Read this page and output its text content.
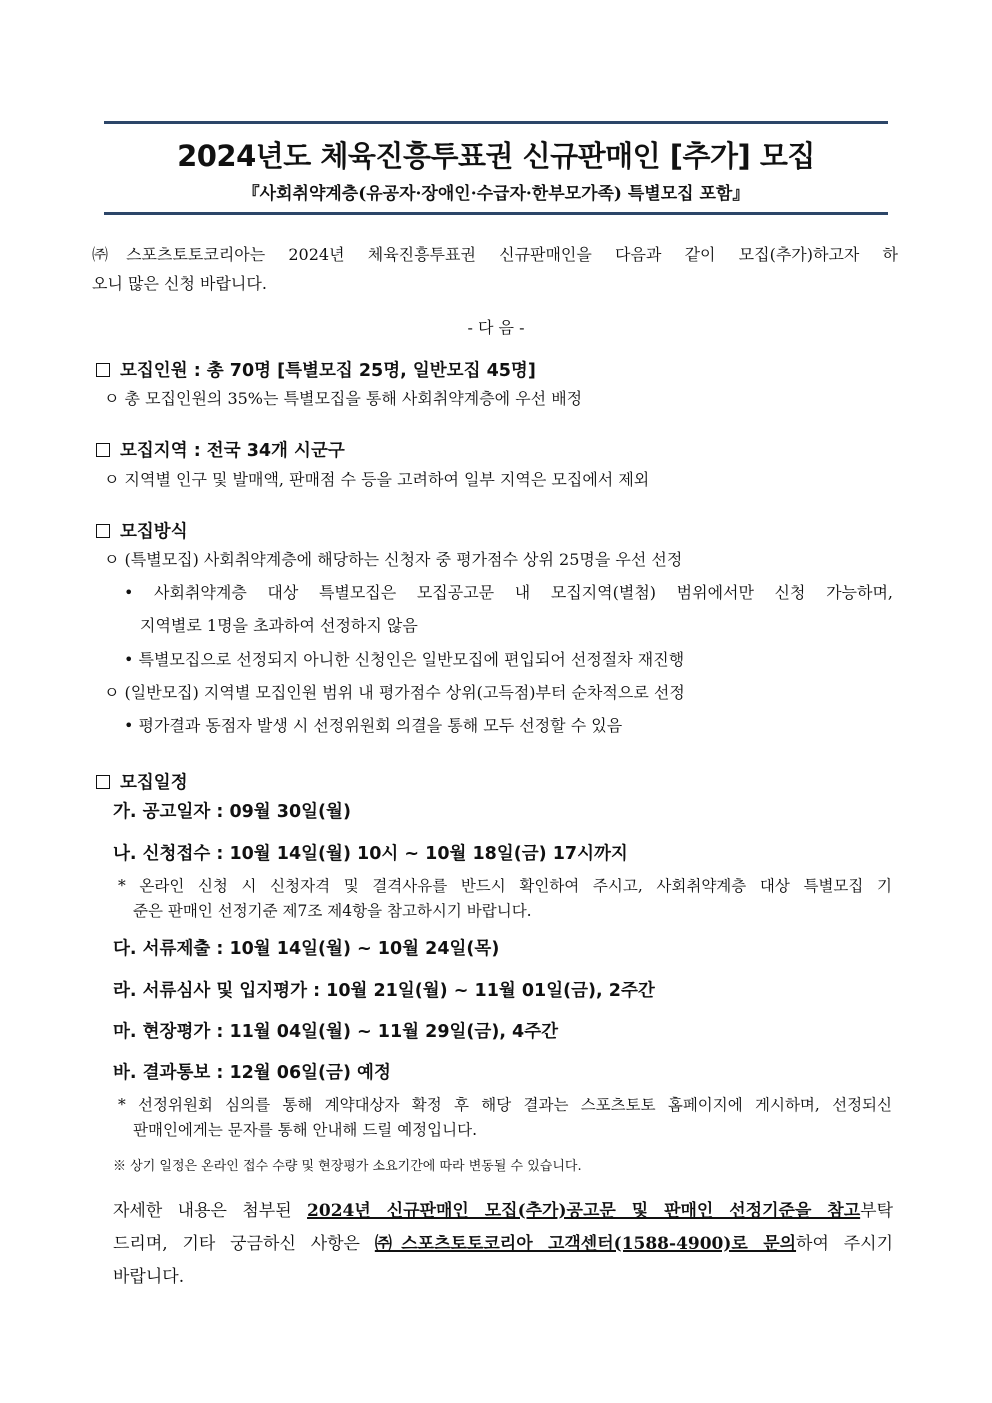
2024년도 체육진흥투표권 신규판매인 [추가] 모집
『사회취약계층(유공자·장애인·수급자·한부모가족) 특별모집 포함』
㈜스포츠토토코리아는 2024년 체육진흥투표권 신규판매인을 다음과 같이 모집(추가)하고자 하
오니 많은 신청 바랍니다.
- 다 음 -
모집인원 : 총 70명 [특별모집 25명, 일반모집 45명]
ㅇ 총 모집인원의 35%는 특별모집을 통해 사회취약계층에 우선 배정
모집지역 : 전국 34개 시군구
ㅇ 지역별 인구 및 발매액, 판매점 수 등을 고려하여 일부 지역은 모집에서 제외
모집방식
ㅇ (특별모집) 사회취약계층에 해당하는 신청자 중 평가점수 상위 25명을 우선 선정
• 사회취약계층 대상 특별모집은 모집공고문 내 모집지역(별첨) 범위에서만 신청 가능하며,
지역별로 1명을 초과하여 선정하지 않음
• 특별모집으로 선정되지 아니한 신청인은 일반모집에 편입되어 선정절차 재진행
ㅇ (일반모집) 지역별 모집인원 범위 내 평가점수 상위(고득점)부터 순차적으로 선정
• 평가결과 동점자 발생 시 선정위원회 의결을 통해 모두 선정할 수 있음
모집일정
가. 공고일자 : 09월 30일(월)
나. 신청접수 : 10월 14일(월) 10시 ~ 10월 18일(금) 17시까지
* 온라인 신청 시 신청자격 및 결격사유를 반드시 확인하여 주시고, 사회취약계층 대상 특별모집 기
준은 판매인 선정기준 제7조 제4항을 참고하시기 바랍니다.
다. 서류제출 : 10월 14일(월) ~ 10월 24일(목)
라. 서류심사 및 입지평가 : 10월 21일(월) ~ 11월 01일(금), 2주간
마. 현장평가 : 11월 04일(월) ~ 11월 29일(금), 4주간
바. 결과통보 : 12월 06일(금) 예정
* 선정위원회 심의를 통해 계약대상자 확정 후 해당 결과는 스포츠토토 홈페이지에 게시하며, 선정되신
판매인에게는 문자를 통해 안내해 드릴 예정입니다.
※ 상기 일정은 온라인 접수 수량 및 현장평가 소요기간에 따라 변동될 수 있습니다.
자세한 내용은 첨부된 2024년 신규판매인 모집(추가)공고문 및 판매인 선정기준을 참고부탁
드리며, 기타 궁금하신 사항은 ㈜스포츠토토코리아 고객센터(1588-4900)로 문의하여 주시기
바랍니다.
